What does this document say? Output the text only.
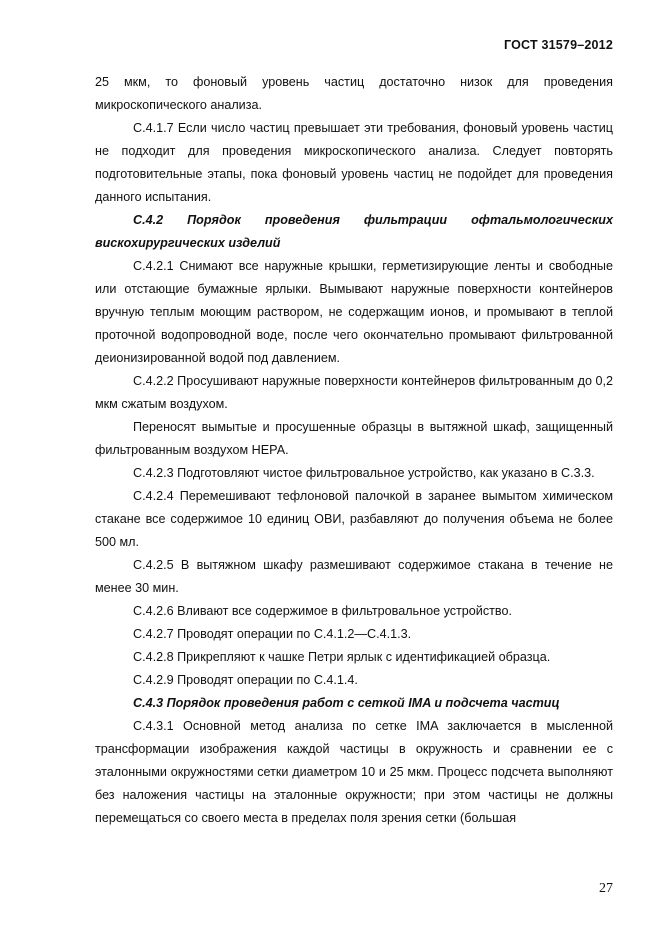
ГОСТ 31579–2012

25 мкм, то фоновый уровень частиц достаточно низок для проведения микроскопического анализа.

С.4.1.7 Если число частиц превышает эти требования, фоновый уровень частиц не подходит для проведения микроскопического анализа. Следует повторять подготовительные этапы, пока фоновый уровень частиц не подойдет для проведения данного испытания.

С.4.2 Порядок проведения фильтрации офтальмологических вискохирургических изделий

С.4.2.1 Снимают все наружные крышки, герметизирующие ленты и свободные или отстающие бумажные ярлыки. Вымывают наружные поверхности контейнеров вручную теплым моющим раствором, не содержащим ионов, и промывают в теплой проточной водопроводной воде, после чего окончательно промывают фильтрованной деионизированной водой под давлением.

С.4.2.2 Просушивают наружные поверхности контейнеров фильтрованным до 0,2 мкм сжатым воздухом.

Переносят вымытые и просушенные образцы в вытяжной шкаф, защищенный фильтрованным воздухом НЕРА.

С.4.2.3 Подготовляют чистое фильтровальное устройство, как указано в С.3.3.

С.4.2.4 Перемешивают тефлоновой палочкой в заранее вымытом химическом стакане все содержимое 10 единиц ОВИ, разбавляют до получения объема не более 500 мл.

С.4.2.5 В вытяжном шкафу размешивают содержимое стакана в течение не менее 30 мин.

С.4.2.6 Вливают все содержимое в фильтровальное устройство.

С.4.2.7 Проводят операции по С.4.1.2—С.4.1.3.

С.4.2.8 Прикрепляют к чашке Петри ярлык с идентификацией образца.

С.4.2.9 Проводят операции по С.4.1.4.

С.4.3 Порядок проведения работ с сеткой IMA и подсчета частиц

С.4.3.1 Основной метод анализа по сетке IMA заключается в мысленной трансформации изображения каждой частицы в окружность и сравнении ее с эталонными окружностями сетки диаметром 10 и 25 мкм. Процесс подсчета выполняют без наложения частицы на эталонные окружности; при этом частицы не должны перемещаться со своего места в пределах поля зрения сетки (большая

27
